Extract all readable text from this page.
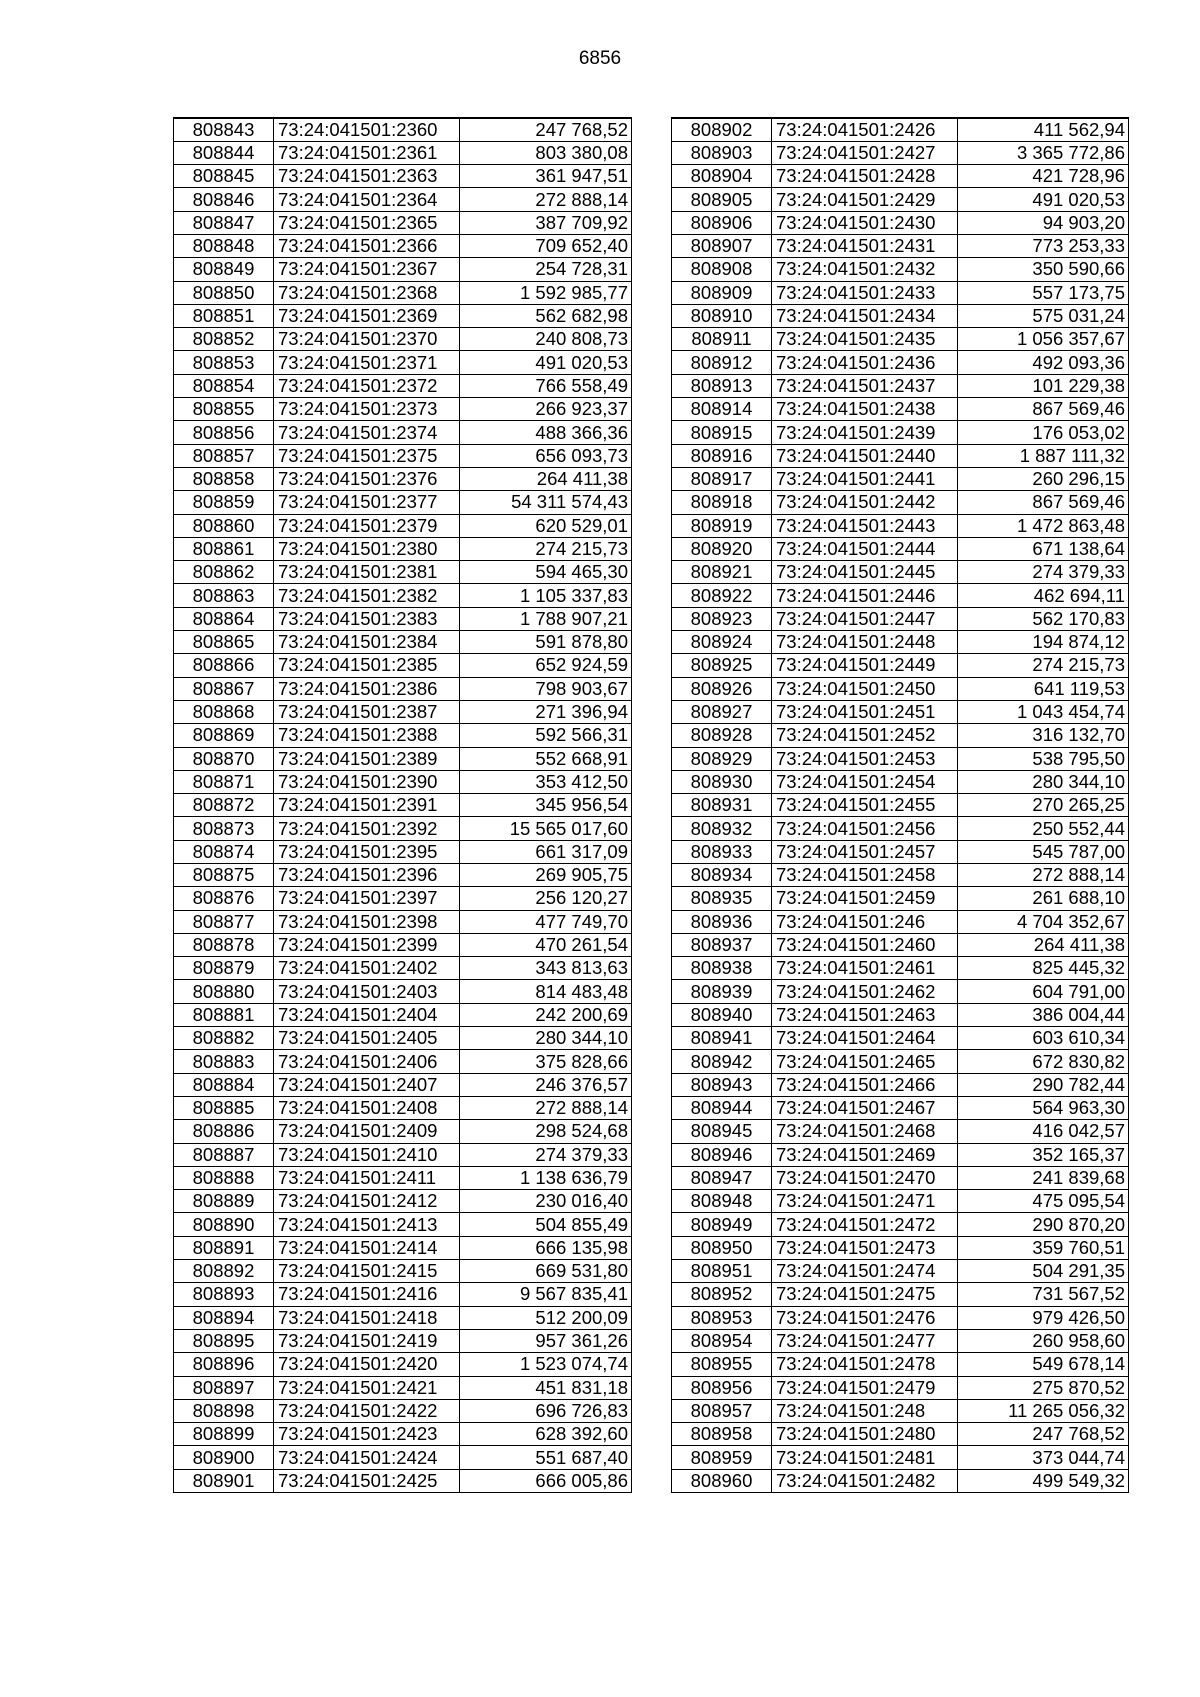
6856
808843	73:24:041501:2360	247 768,52
808844	73:24:041501:2361	803 380,08
808845	73:24:041501:2363	361 947,51
808846	73:24:041501:2364	272 888,14
808847	73:24:041501:2365	387 709,92
808848	73:24:041501:2366	709 652,40
808849	73:24:041501:2367	254 728,31
808850	73:24:041501:2368	1 592 985,77
808851	73:24:041501:2369	562 682,98
808852	73:24:041501:2370	240 808,73
808853	73:24:041501:2371	491 020,53
808854	73:24:041501:2372	766 558,49
808855	73:24:041501:2373	266 923,37
808856	73:24:041501:2374	488 366,36
808857	73:24:041501:2375	656 093,73
808858	73:24:041501:2376	264 411,38
808859	73:24:041501:2377	54 311 574,43
808860	73:24:041501:2379	620 529,01
808861	73:24:041501:2380	274 215,73
808862	73:24:041501:2381	594 465,30
808863	73:24:041501:2382	1 105 337,83
808864	73:24:041501:2383	1 788 907,21
808865	73:24:041501:2384	591 878,80
808866	73:24:041501:2385	652 924,59
808867	73:24:041501:2386	798 903,67
808868	73:24:041501:2387	271 396,94
808869	73:24:041501:2388	592 566,31
808870	73:24:041501:2389	552 668,91
808871	73:24:041501:2390	353 412,50
808872	73:24:041501:2391	345 956,54
808873	73:24:041501:2392	15 565 017,60
808874	73:24:041501:2395	661 317,09
808875	73:24:041501:2396	269 905,75
808876	73:24:041501:2397	256 120,27
808877	73:24:041501:2398	477 749,70
808878	73:24:041501:2399	470 261,54
808879	73:24:041501:2402	343 813,63
808880	73:24:041501:2403	814 483,48
808881	73:24:041501:2404	242 200,69
808882	73:24:041501:2405	280 344,10
808883	73:24:041501:2406	375 828,66
808884	73:24:041501:2407	246 376,57
808885	73:24:041501:2408	272 888,14
808886	73:24:041501:2409	298 524,68
808887	73:24:041501:2410	274 379,33
808888	73:24:041501:2411	1 138 636,79
808889	73:24:041501:2412	230 016,40
808890	73:24:041501:2413	504 855,49
808891	73:24:041501:2414	666 135,98
808892	73:24:041501:2415	669 531,80
808893	73:24:041501:2416	9 567 835,41
808894	73:24:041501:2418	512 200,09
808895	73:24:041501:2419	957 361,26
808896	73:24:041501:2420	1 523 074,74
808897	73:24:041501:2421	451 831,18
808898	73:24:041501:2422	696 726,83
808899	73:24:041501:2423	628 392,60
808900	73:24:041501:2424	551 687,40
808901	73:24:041501:2425	666 005,86
808902	73:24:041501:2426	411 562,94
808903	73:24:041501:2427	3 365 772,86
808904	73:24:041501:2428	421 728,96
808905	73:24:041501:2429	491 020,53
808906	73:24:041501:2430	94 903,20
808907	73:24:041501:2431	773 253,33
808908	73:24:041501:2432	350 590,66
808909	73:24:041501:2433	557 173,75
808910	73:24:041501:2434	575 031,24
808911	73:24:041501:2435	1 056 357,67
808912	73:24:041501:2436	492 093,36
808913	73:24:041501:2437	101 229,38
808914	73:24:041501:2438	867 569,46
808915	73:24:041501:2439	176 053,02
808916	73:24:041501:2440	1 887 111,32
808917	73:24:041501:2441	260 296,15
808918	73:24:041501:2442	867 569,46
808919	73:24:041501:2443	1 472 863,48
808920	73:24:041501:2444	671 138,64
808921	73:24:041501:2445	274 379,33
808922	73:24:041501:2446	462 694,11
808923	73:24:041501:2447	562 170,83
808924	73:24:041501:2448	194 874,12
808925	73:24:041501:2449	274 215,73
808926	73:24:041501:2450	641 119,53
808927	73:24:041501:2451	1 043 454,74
808928	73:24:041501:2452	316 132,70
808929	73:24:041501:2453	538 795,50
808930	73:24:041501:2454	280 344,10
808931	73:24:041501:2455	270 265,25
808932	73:24:041501:2456	250 552,44
808933	73:24:041501:2457	545 787,00
808934	73:24:041501:2458	272 888,14
808935	73:24:041501:2459	261 688,10
808936	73:24:041501:246	4 704 352,67
808937	73:24:041501:2460	264 411,38
808938	73:24:041501:2461	825 445,32
808939	73:24:041501:2462	604 791,00
808940	73:24:041501:2463	386 004,44
808941	73:24:041501:2464	603 610,34
808942	73:24:041501:2465	672 830,82
808943	73:24:041501:2466	290 782,44
808944	73:24:041501:2467	564 963,30
808945	73:24:041501:2468	416 042,57
808946	73:24:041501:2469	352 165,37
808947	73:24:041501:2470	241 839,68
808948	73:24:041501:2471	475 095,54
808949	73:24:041501:2472	290 870,20
808950	73:24:041501:2473	359 760,51
808951	73:24:041501:2474	504 291,35
808952	73:24:041501:2475	731 567,52
808953	73:24:041501:2476	979 426,50
808954	73:24:041501:2477	260 958,60
808955	73:24:041501:2478	549 678,14
808956	73:24:041501:2479	275 870,52
808957	73:24:041501:248	11 265 056,32
808958	73:24:041501:2480	247 768,52
808959	73:24:041501:2481	373 044,74
808960	73:24:041501:2482	499 549,32
